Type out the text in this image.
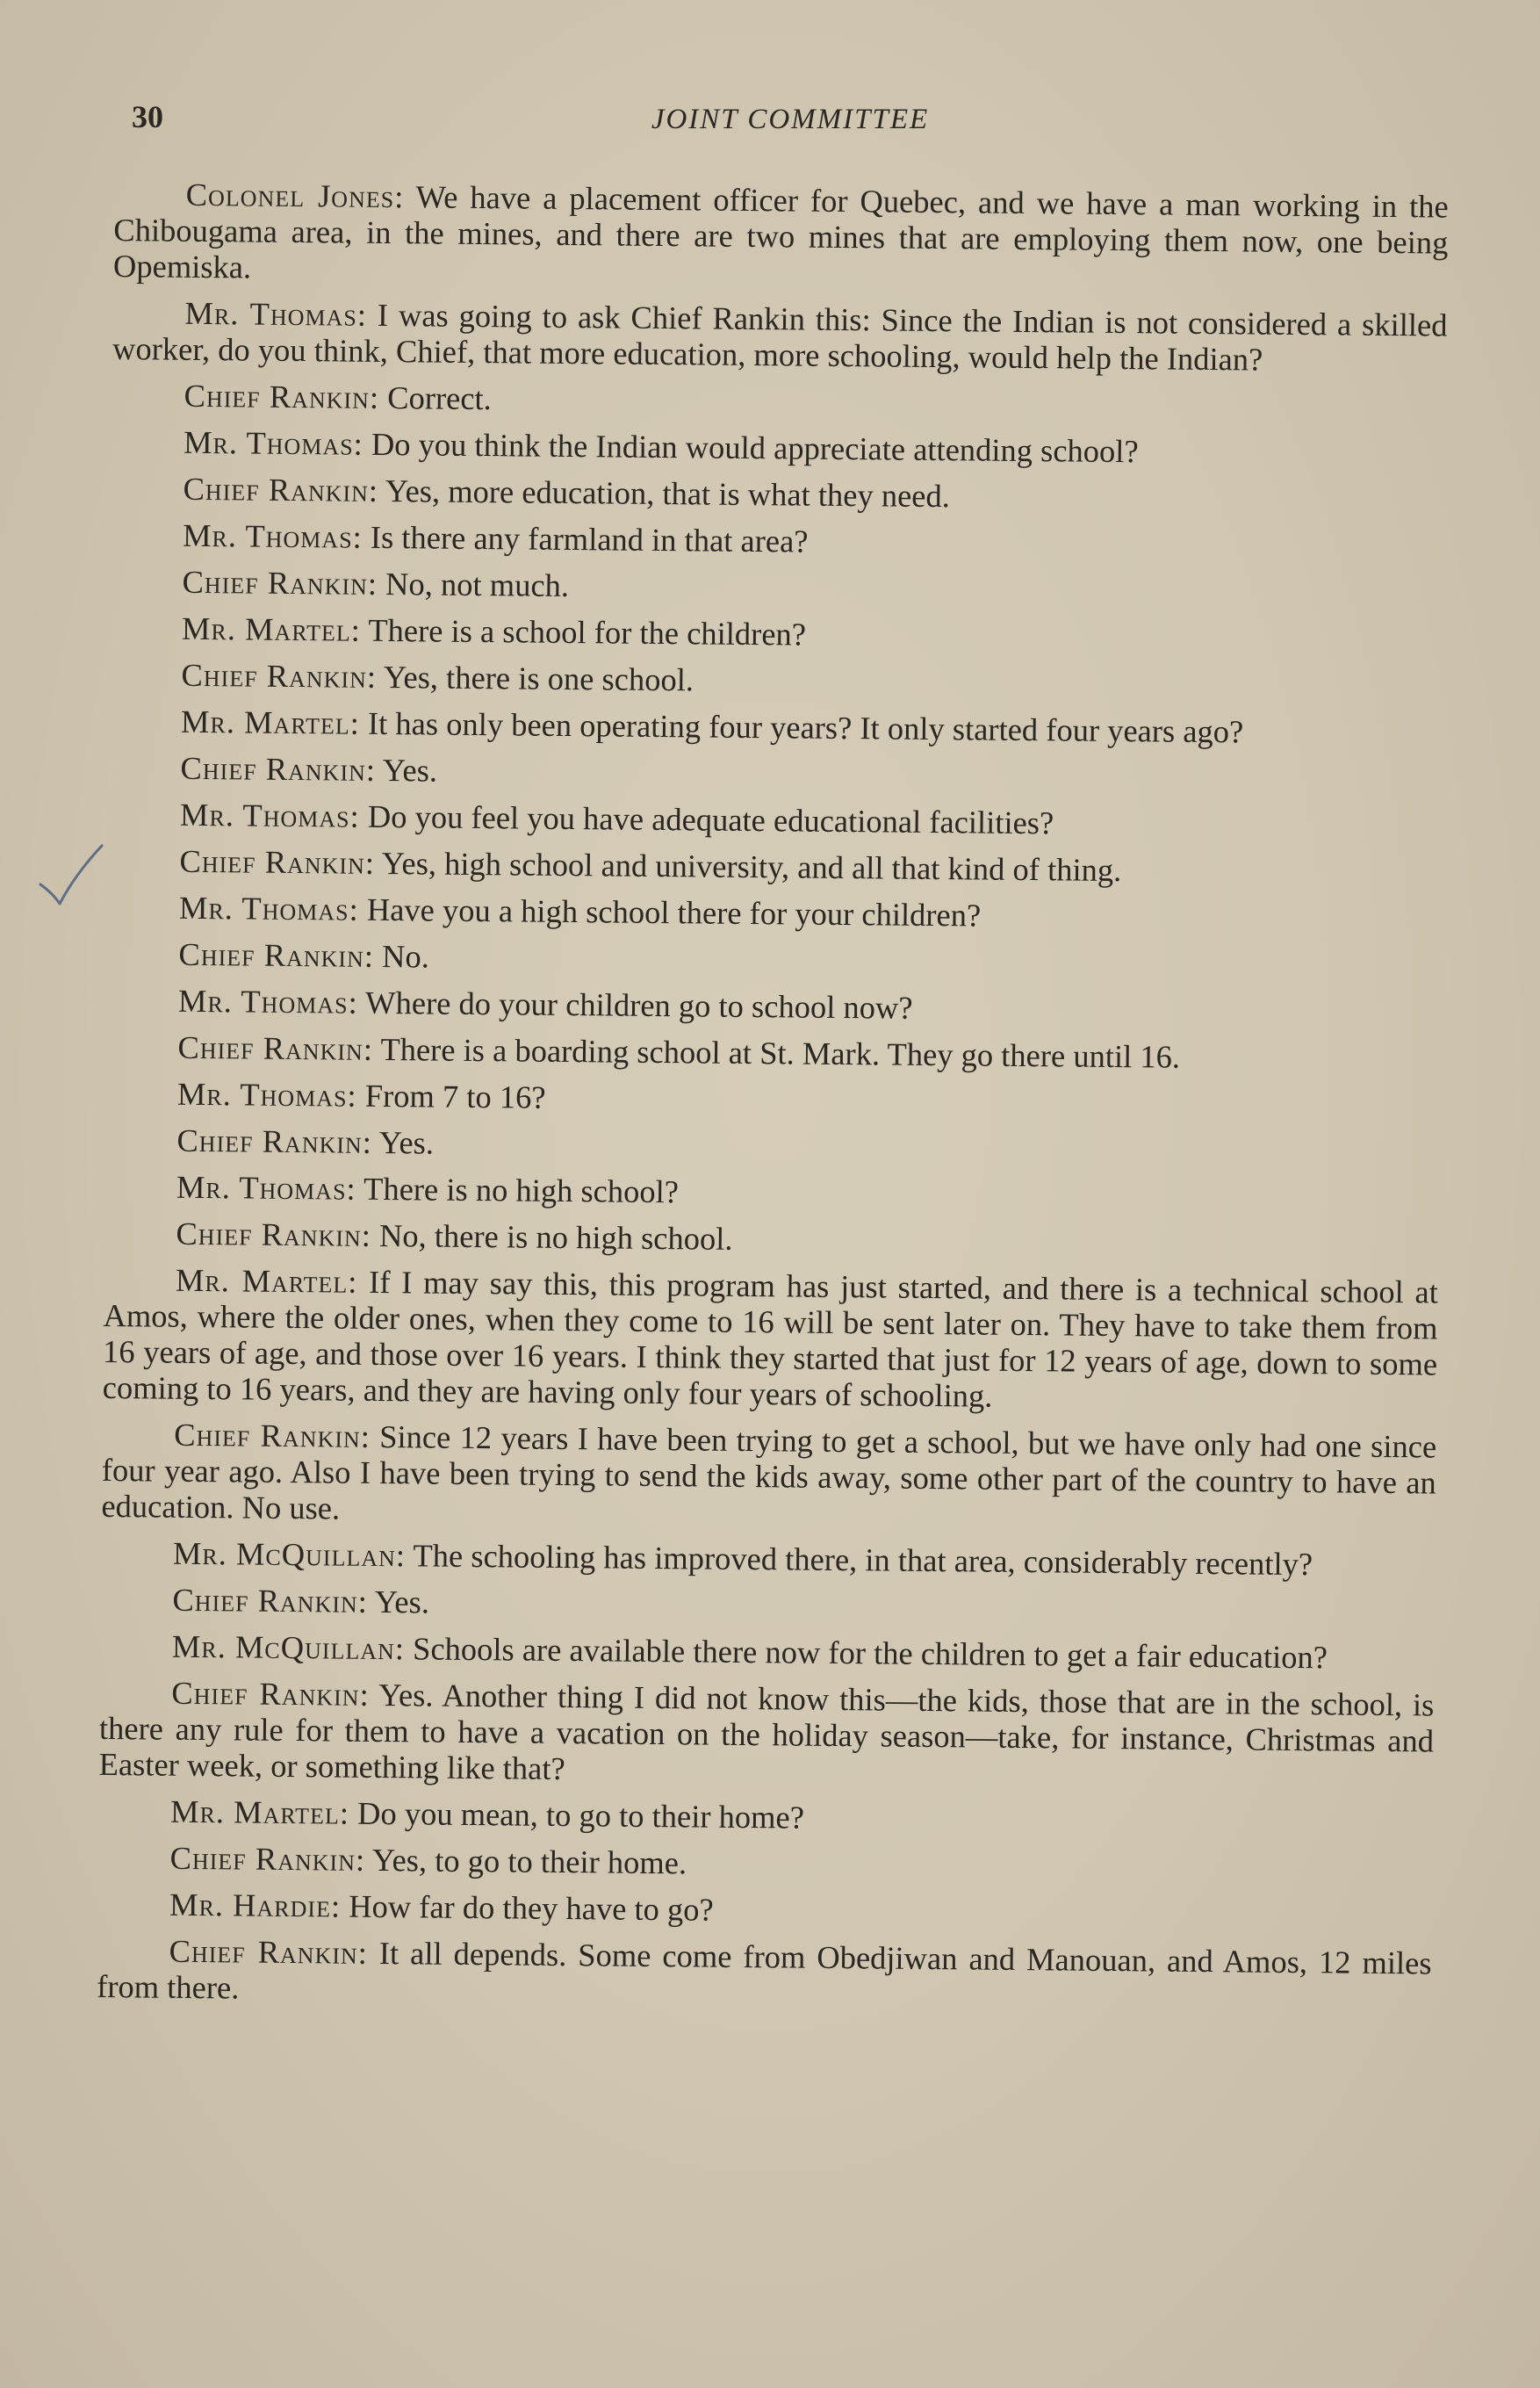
30	JOINT COMMITTEE

Colonel Jones: We have a placement officer for Quebec, and we have a man working in the Chibougama area, in the mines, and there are two mines that are employing them now, one being Opemiska.

Mr. Thomas: I was going to ask Chief Rankin this: Since the Indian is not considered a skilled worker, do you think, Chief, that more education, more schooling, would help the Indian?

Chief Rankin: Correct.

Mr. Thomas: Do you think the Indian would appreciate attending school?

Chief Rankin: Yes, more education, that is what they need.

Mr. Thomas: Is there any farmland in that area?

Chief Rankin: No, not much.

Mr. Martel: There is a school for the children?

Chief Rankin: Yes, there is one school.

Mr. Martel: It has only been operating four years? It only started four years ago?

Chief Rankin: Yes.

Mr. Thomas: Do you feel you have adequate educational facilities?

Chief Rankin: Yes, high school and university, and all that kind of thing.

Mr. Thomas: Have you a high school there for your children?

Chief Rankin: No.

Mr. Thomas: Where do your children go to school now?

Chief Rankin: There is a boarding school at St. Mark. They go there until 16.

Mr. Thomas: From 7 to 16?

Chief Rankin: Yes.

Mr. Thomas: There is no high school?

Chief Rankin: No, there is no high school.

Mr. Martel: If I may say this, this program has just started, and there is a technical school at Amos, where the older ones, when they come to 16 will be sent later on. They have to take them from 16 years of age, and those over 16 years. I think they started that just for 12 years of age, down to some coming to 16 years, and they are having only four years of schooling.

Chief Rankin: Since 12 years I have been trying to get a school, but we have only had one since four year ago. Also I have been trying to send the kids away, some other part of the country to have an education. No use.

Mr. McQuillan: The schooling has improved there, in that area, considerably recently?

Chief Rankin: Yes.

Mr. McQuillan: Schools are available there now for the children to get a fair education?

Chief Rankin: Yes. Another thing I did not know this—the kids, those that are in the school, is there any rule for them to have a vacation on the holiday season—take, for instance, Christmas and Easter week, or something like that?

Mr. Martel: Do you mean, to go to their home?

Chief Rankin: Yes, to go to their home.

Mr. Hardie: How far do they have to go?

Chief Rankin: It all depends. Some come from Obedjiwan and Manouan, and Amos, 12 miles from there.
